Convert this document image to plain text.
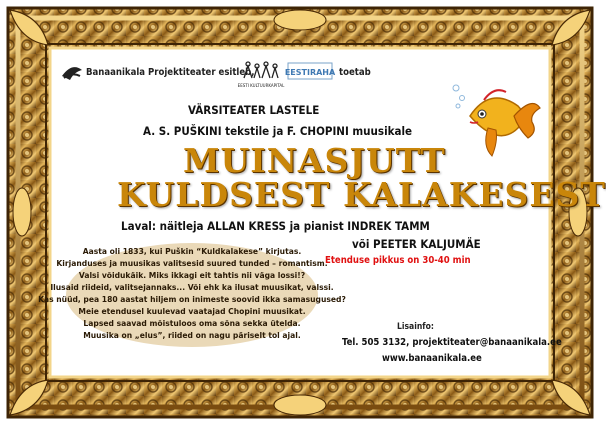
Banaanikala Projektiteater esitleb,
EESTI KULTUURKAPITAL
EESTIRAHA toetab
VÄRSITEATER LASTELE
A. S. PUŠKINI tekstile ja F. CHOPINI muusikale
MUINASJUTT
KULDSEST KALAKESEST
Laval: näitleja ALLAN KRESS ja pianist INDREK TAMM
või PEETER KALJUMÄE
Etenduse pikkus on 30-40 min
Aasta oli 1833, kui Puškin “Kuldkalakese” kirjutas.
Kirjanduses ja muusikas valitsesid suured tunded – romantism.
Valsi võidukäik. Miks ikkagi eit tahtis nii väga lossi!?
Ilusaid riideid, valitsejannaks... Või ehk ka ilusat muusikat, valssi.
Kas nüüd, pea 180 aastat hiljem on inimeste soovid ikka samasugused?
Meie etendusel kuulevad vaatajad Chopini muusikat.
Lapsed saavad mõistuloos oma sõna sekka ütelda.
Muusika on „elus”, riided on nagu päriselt tol ajal.
Lisainfo:
Tel. 505 3132, projektiteater@banaanikala.ee
www.banaanikala.ee
